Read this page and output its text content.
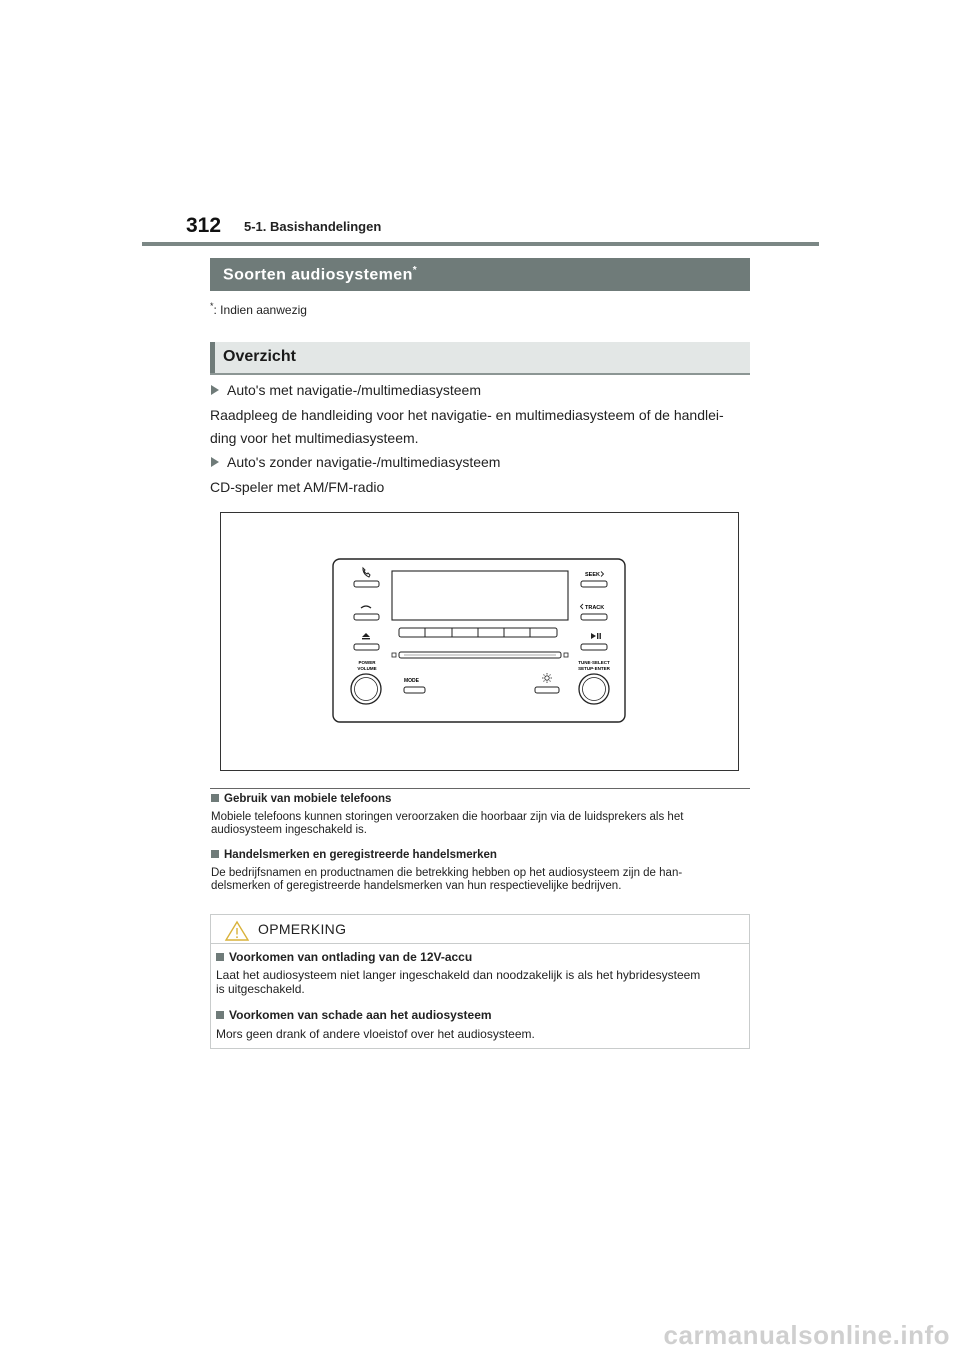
312 5-1. Basishandelingen
Soorten audiosystemen*
*: Indien aanwezig
Overzicht
Auto's met navigatie-/multimediasysteem
Raadpleeg de handleiding voor het navigatie- en multimediasysteem of de handlei-
ding voor het multimediasysteem.
Auto's zonder navigatie-/multimediasysteem
CD-speler met AM/FM-radio
POWER
VOLUME
MODE
SEEK
TRACK
TUNE·SELECT
SETUP·ENTER
Gebruik van mobiele telefoons
Mobiele telefoons kunnen storingen veroorzaken die hoorbaar zijn via de luidsprekers als het
audiosysteem ingeschakeld is.
Handelsmerken en geregistreerde handelsmerken
De bedrijfsnamen en productnamen die betrekking hebben op het audiosysteem zijn de han-
delsmerken of geregistreerde handelsmerken van hun respectievelijke bedrijven.
OPMERKING
Voorkomen van ontlading van de 12V-accu
Laat het audiosysteem niet langer ingeschakeld dan noodzakelijk is als het hybridesysteem
is uitgeschakeld.
Voorkomen van schade aan het audiosysteem
Mors geen drank of andere vloeistof over het audiosysteem.
carmanualsonline.info
